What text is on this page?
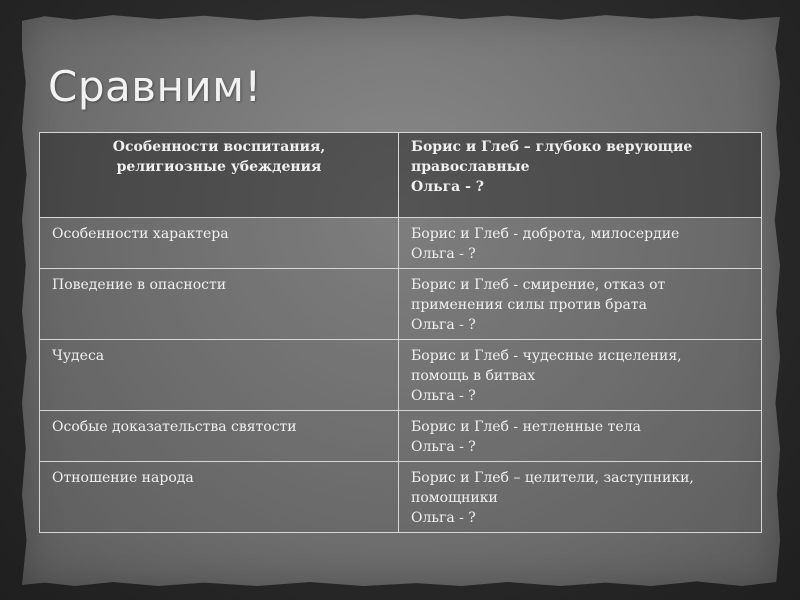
Сравним!
Особенности воспитания,
религиозные убеждения	Борис и Глеб – глубоко верующие
православные
Ольга - ?

Особенности характера	Борис и Глеб - доброта, милосердие
Ольга - ?

Поведение в опасности	Борис и Глеб - смирение, отказ от
применения силы против брата
Ольга - ?

Чудеса	Борис и Глеб - чудесные исцеления,
помощь в битвах
Ольга - ?

Особые доказательства святости	Борис и Глеб - нетленные тела
Ольга - ?

Отношение народа	Борис и Глеб – целители, заступники,
помощники
Ольга - ?
